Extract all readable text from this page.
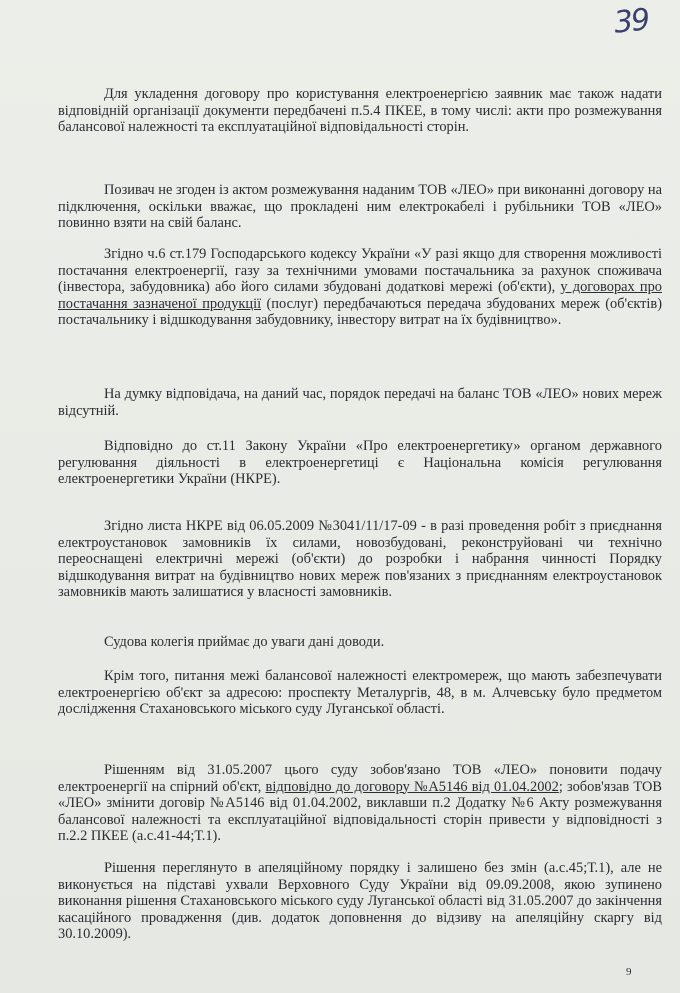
39

Для укладення договору про користування електроенергією заявник має також надати відповідній організації документи передбачені п.5.4 ПКЕЕ, в тому числі: акти про розмежування балансової належності та експлуатаційної відповідальності сторін.

Позивач не згоден із актом розмежування наданим ТОВ «ЛЕО» при виконанні договору на підключення, оскільки вважає, що прокладені ним електрокабелі і рубільники ТОВ «ЛЕО» повинно взяти на свій баланс.

Згідно ч.6 ст.179 Господарського кодексу України «У разі якщо для створення можливості постачання електроенергії, газу за технічними умовами постачальника за рахунок споживача (інвестора, забудовника) або його силами збудовані додаткові мережі (об'єкти), у договорах про постачання зазначеної продукції (послуг) передбачаються передача збудованих мереж (об'єктів) постачальнику і відшкодування забудовнику, інвестору витрат на їх будівництво».

На думку відповідача, на даний час, порядок передачі на баланс ТОВ «ЛЕО» нових мереж відсутній.

Відповідно до ст.11 Закону України «Про електроенергетику» органом державного регулювання діяльності в електроенергетиці є Національна комісія регулювання електроенергетики України (НКРЕ).

Згідно листа НКРЕ від 06.05.2009 №3041/11/17-09 - в разі проведення робіт з приєднання електроустановок замовників їх силами, новозбудовані, реконструйовані чи технічно переоснащені електричні мережі (об'єкти) до розробки і набрання чинності Порядку відшкодування витрат на будівництво нових мереж пов'язаних з приєднанням електроустановок замовників мають залишатися у власності замовників.

Судова колегія приймає до уваги дані доводи.

Крім того, питання межі балансової належності електромереж, що мають забезпечувати електроенергією об'єкт за адресою: проспекту Металургів, 48, в м. Алчевську було предметом дослідження Стахановського міського суду Луганської області.

Рішенням від 31.05.2007 цього суду зобов'язано ТОВ «ЛЕО» поновити подачу електроенергії на спірний об'єкт, відповідно до договору №А5146 від 01.04.2002; зобов'язав ТОВ «ЛЕО» змінити договір №А5146 від 01.04.2002, виклавши п.2 Додатку №6 Акту розмежування балансової належності та експлуатаційної відповідальності сторін привести у відповідності з п.2.2 ПКЕЕ (а.с.41-44;Т.1).

Рішення переглянуто в апеляційному порядку і залишено без змін (а.с.45;Т.1), але не виконується на підставі ухвали Верховного Суду України від 09.09.2008, якою зупинено виконання рішення Стахановського міського суду Луганської області від 31.05.2007 до закінчення касаційного провадження (див. додаток доповнення до відзиву на апеляційну скаргу від 30.10.2009).

9
